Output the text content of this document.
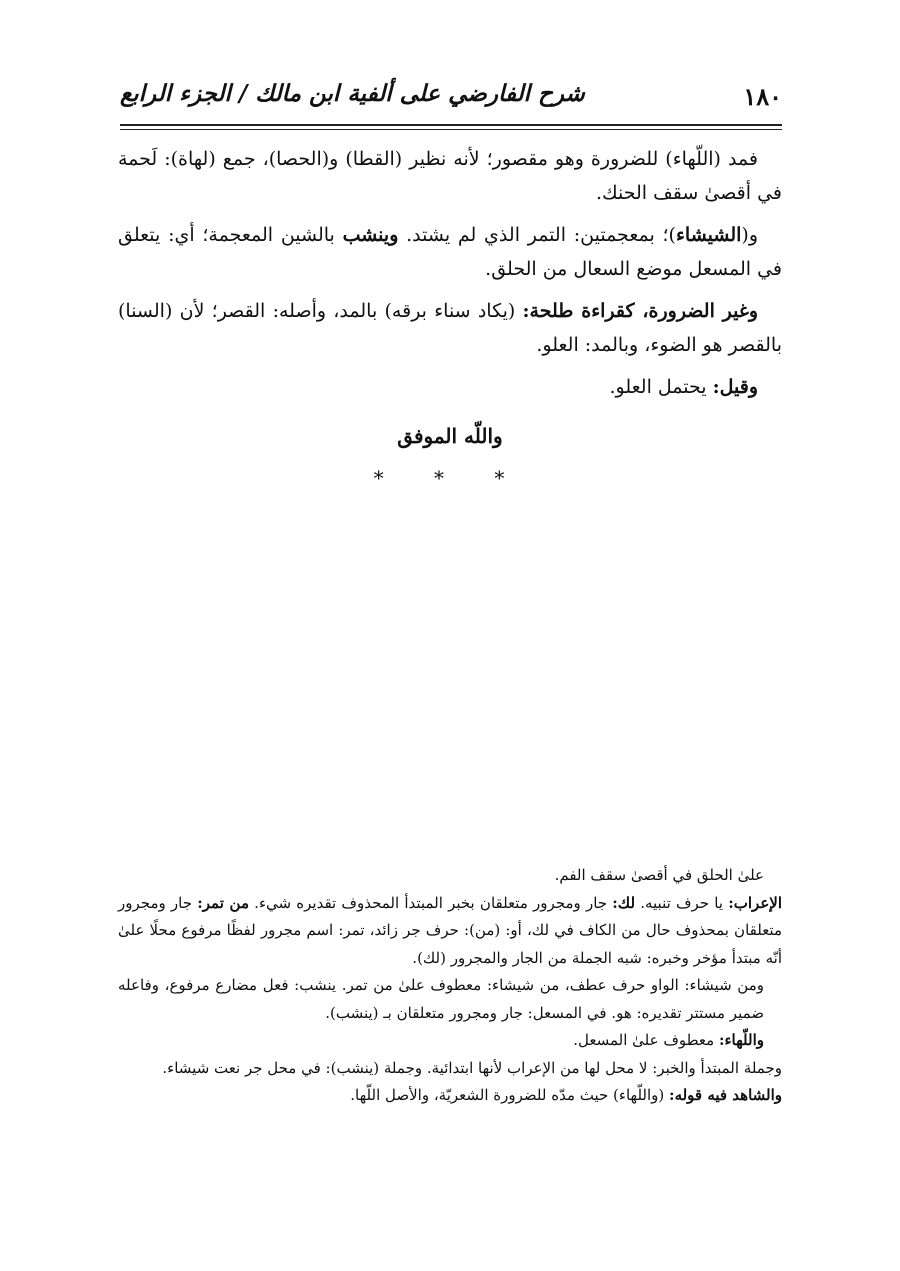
١٨٠
شرح الفارضي على ألفية ابن مالك / الجزء الرابع

فمد (اللّهاء) للضرورة وهو مقصور؛ لأنه نظير (القطا) و(الحصا)، جمع (لهاة): لَحمة في أقصىٰ سقف الحنك.

و(الشيشاء)؛ بمعجمتين: التمر الذي لم يشتد. وينشب بالشين المعجمة؛ أي: يتعلق في المسعل موضع السعال من الحلق.

وغير الضرورة، كقراءة طلحة: (يكاد سناء برقه) بالمد، وأصله: القصر؛ لأن (السنا) بالقصر هو الضوء، وبالمد: العلو.

وقيل: يحتمل العلو.

واللّه الموفق
* * *

علىٰ الحلق في أقصىٰ سقف الفم.

الإعراب: يا حرف تنبيه. لك: جار ومجرور متعلقان بخبر المبتدأ المحذوف تقديره شيء. من تمر: جار ومجرور متعلقان بمحذوف حال من الكاف في لك، أو: (من): حرف جر زائد، تمر: اسم مجرور لفظًا مرفوع محلًا علىٰ أنّه مبتدأ مؤخر وخبره: شبه الجملة من الجار والمجرور (لك).

ومن شيشاء: الواو حرف عطف، من شيشاء: معطوف علىٰ من تمر. ينشب: فعل مضارع مرفوع، وفاعله ضمير مستتر تقديره: هو. في المسعل: جار ومجرور متعلقان بـ (ينشب).

واللّهاء: معطوف علىٰ المسعل.

وجملة المبتدأ والخبر: لا محل لها من الإعراب لأنها ابتدائية. وجملة (ينشب): في محل جر نعت شيشاء.

والشاهد فيه قوله: (واللّهاء) حيث مدّه للضرورة الشعريّة، والأصل اللّها.
